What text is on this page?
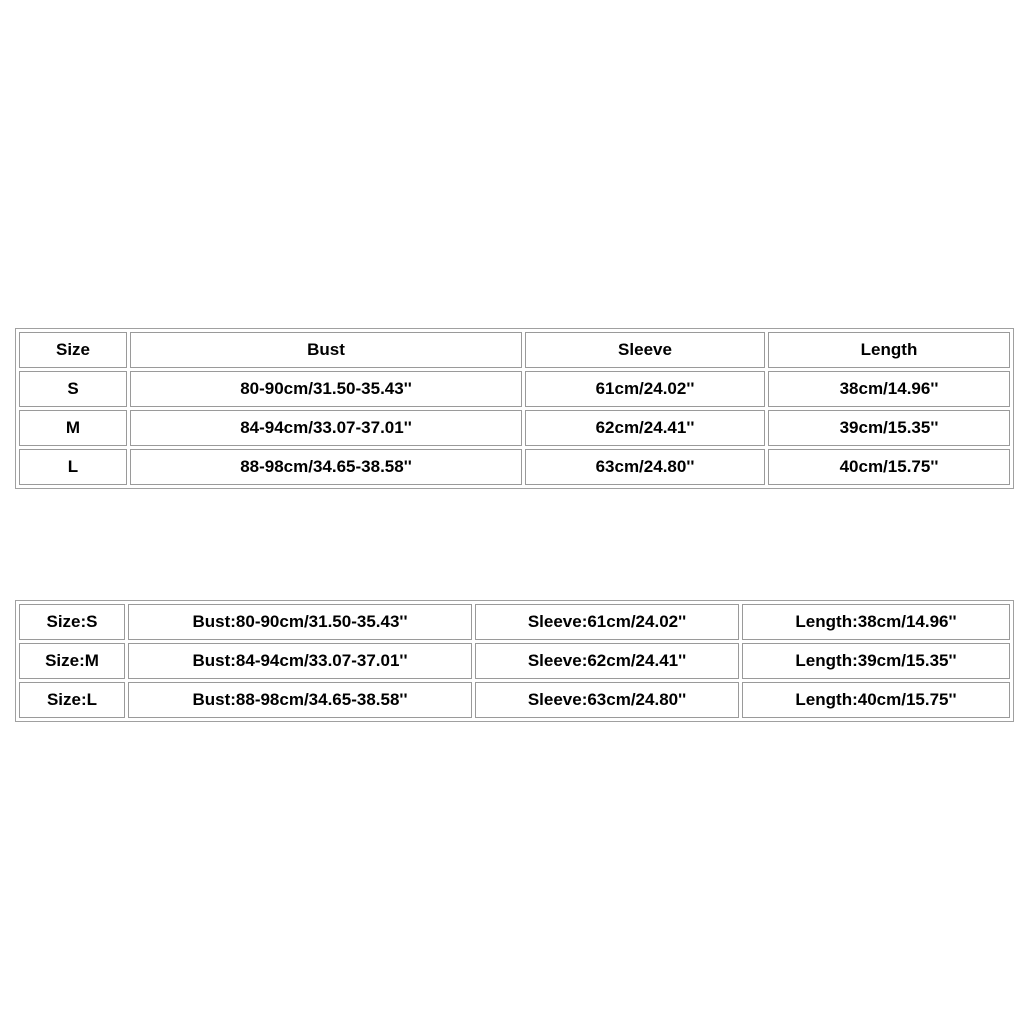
Size	Bust	Sleeve	Length
S	80-90cm/31.50-35.43''	61cm/24.02''	38cm/14.96''
M	84-94cm/33.07-37.01''	62cm/24.41''	39cm/15.35''
L	88-98cm/34.65-38.58''	63cm/24.80''	40cm/15.75''
Size:S	Bust:80-90cm/31.50-35.43''	Sleeve:61cm/24.02''	Length:38cm/14.96''
Size:M	Bust:84-94cm/33.07-37.01''	Sleeve:62cm/24.41''	Length:39cm/15.35''
Size:L	Bust:88-98cm/34.65-38.58''	Sleeve:63cm/24.80''	Length:40cm/15.75''
